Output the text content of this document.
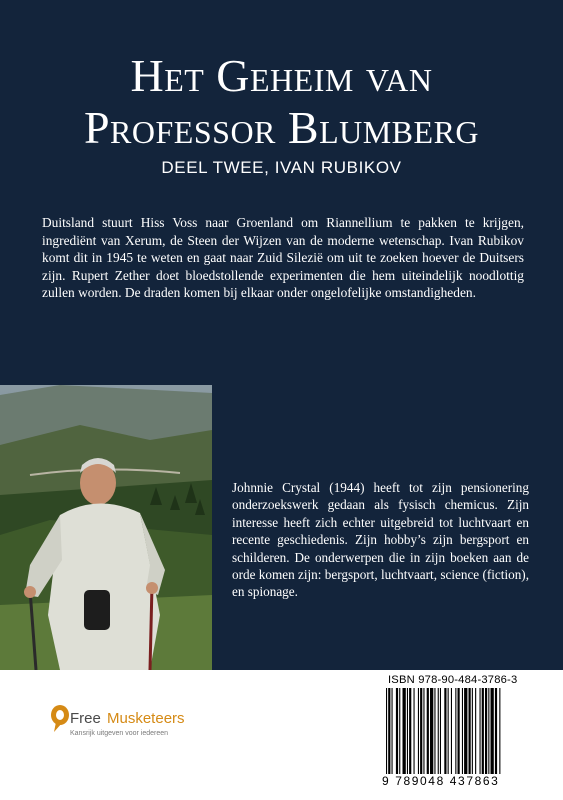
Het Geheim van
Professor Blumberg
DEEL TWEE, IVAN RUBIKOV
Duitsland stuurt Hiss Voss naar Groenland om Riannellium te pakken te krijgen, ingrediënt van Xerum, de Steen der Wijzen van de moderne wetenschap. Ivan Rubikov komt dit in 1945 te weten en gaat naar Zuid Silezië om uit te zoeken hoever de Duitsers zijn. Rupert Zether doet bloedstollende experimenten die hem uiteindelijk noodlottig zullen worden. De draden komen bij elkaar onder ongelofelijke omstandigheden.
Johnnie Crystal (1944) heeft tot zijn pensionering onderzoekswerk gedaan als fysisch chemicus. Zijn interesse heeft zich echter uitgebreid tot luchtvaart en recente geschiedenis. Zijn hobby’s zijn bergsport en schilderen. De onderwerpen die in zijn boeken aan de orde komen zijn: bergsport, luchtvaart, science (fiction), en spionage.
Free Musketeers
Kansrijk uitgeven voor iedereen
ISBN 978-90-484-3786-3
9 789048 437863
